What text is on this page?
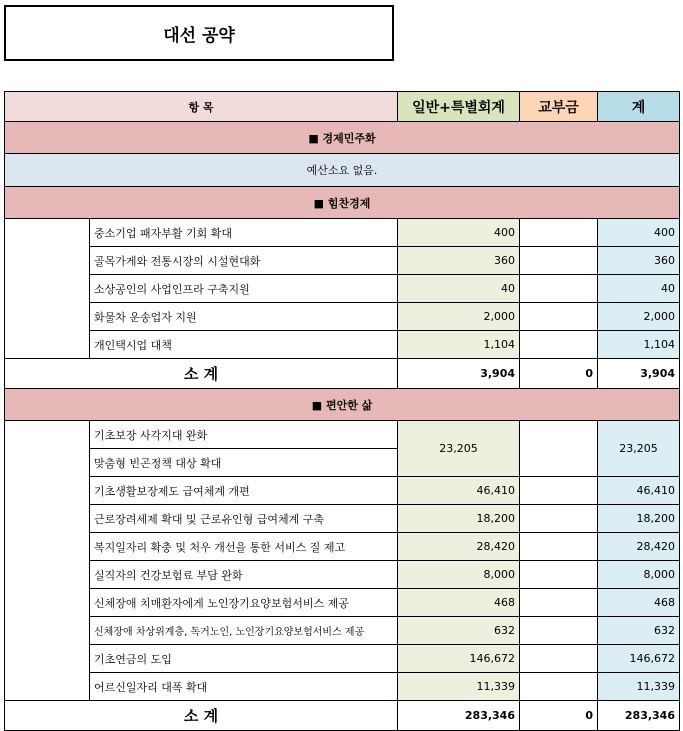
대선 공약
항 목		일반+특별회계	교부금	계
■ 경제민주화				
예산소요 없음.				
■ 힘찬경제				
	중소기업 패자부활 기회 확대	400		400
	골목가게와 전통시장의 시설현대화	360		360
	소상공인의 사업인프라 구축지원	40		40
	화물차 운송업자 지원	2,000		2,000
	개인택시업 대책	1,104		1,104
소 계		3,904	0	3,904
■ 편안한 삶				
	기초보장 사각지대 완화	23,205		23,205
	맞춤형 빈곤정책 대상 확대			
	기초생활보장제도 급여체계 개편	46,410		46,410
	근로장려세제 확대 및 근로유인형 급여체계 구축	18,200		18,200
	복지일자리 확충 및 처우 개선을 통한 서비스 질 제고	28,420		28,420
	실직자의 건강보험료 부담 완화	8,000		8,000
	신체장애 치매환자에게 노인장기요양보험서비스 제공	468		468
	신체장애 차상위계층, 독거노인, 노인장기요양보험서비스 제공	632		632
	기초연금의 도입	146,672		146,672
	어르신일자리 대폭 확대	11,339		11,339
소 계		283,346	0	283,346
